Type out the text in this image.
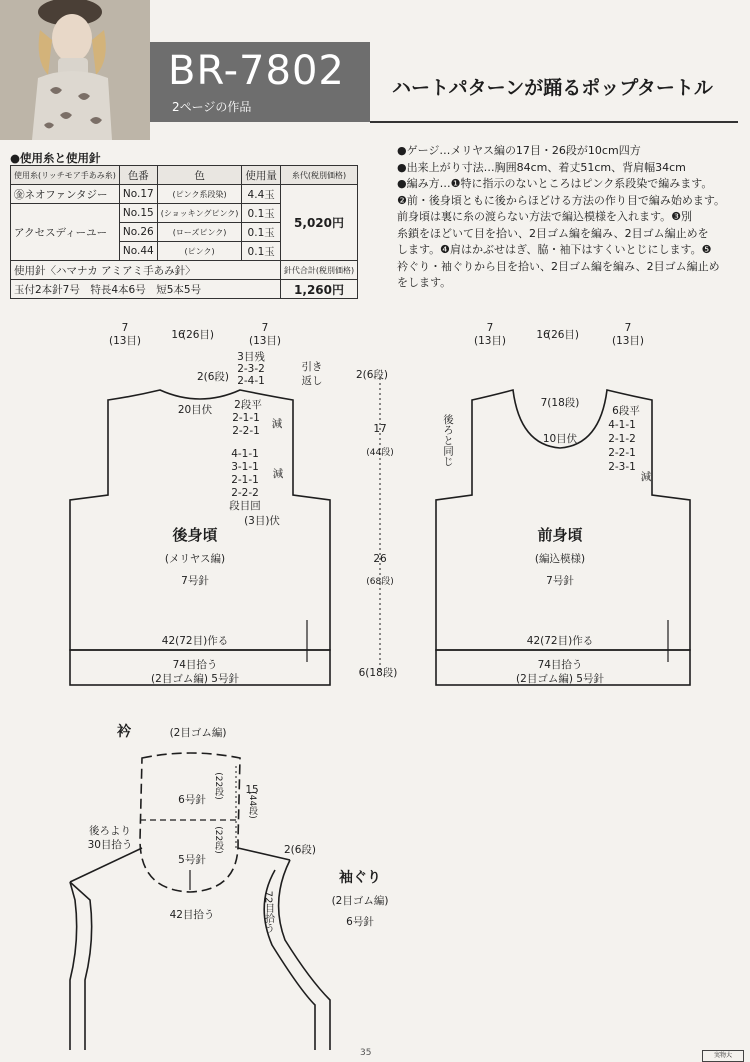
BR-7802
2ページの作品
ハートパターンが踊るポップタートル
●使用糸と使用針
使用糸(リッチモア手あみ糸)	色番	色	使用量	糸代(税別価格)
㊎ネオファンタジー	No.17	(ピンク系段染)	4.4玉	5,020円
アクセスディーユー	No.15	(ショッキングピンク)	0.1玉	
	No.26	(ローズピンク)	0.1玉	
	No.44	(ピンク)	0.1玉	
使用針〈ハマナカ アミアミ手あみ針〉				針代合計(税別価格)
玉付2本針7号　特長4本6号　短5本5号				1,260円
●ゲージ…メリヤス編の17目・26段が10cm四方
●出来上がり寸法…胸囲84cm、着丈51cm、背肩幅34cm
●編み方…❶特に指示のないところはピンク系段染で編みます。
❷前・後身頃ともに後からほどける方法の作り目で編み始めます。
前身頃は裏に糸の渡らない方法で編込模様を入れます。❸別
糸鎖をほどいて目を拾い、2目ゴム編を編み、2目ゴム編止めを
します。❹肩はかぶせはぎ、脇・袖下はすくいとじにします。❺
衿ぐり・袖ぐりから目を拾い、2目ゴム編を編み、2目ゴム編止め
をします。
7
(13目)	16
(26目)
7
(13目)
2(6段)
20目伏
3目残
2-3-2
2-4-1
引き
返し
2段平
2-1-1
2-2-1
減
4-1-1
3-1-1
2-1-1
2-2-2
段目回
減
(3目)伏
後身頃
(メリヤス編)
7号針
42(72目)作る
74目拾う
(2目ゴム編) 5号針
2(6段)
17
(44段)
26
(68段)
6(18段)
7
(13目)	16
(26目)
7
(13目)
後ろと同じ
7(18段)
10目伏
6段平
4-1-1
2-1-2
2-2-1
2-3-1
減
前身頃
(編込模様)
7号針
42(72目)作る
74目拾う
(2目ゴム編) 5号針
衿	(2目ゴム編)
6号針
(22段)
5号針
(22段)
15
(44段)
後ろより
30目拾う
42目拾う
2(6段)
72目拾う
袖ぐり
(2目ゴム編)
6号針
35	実物大
